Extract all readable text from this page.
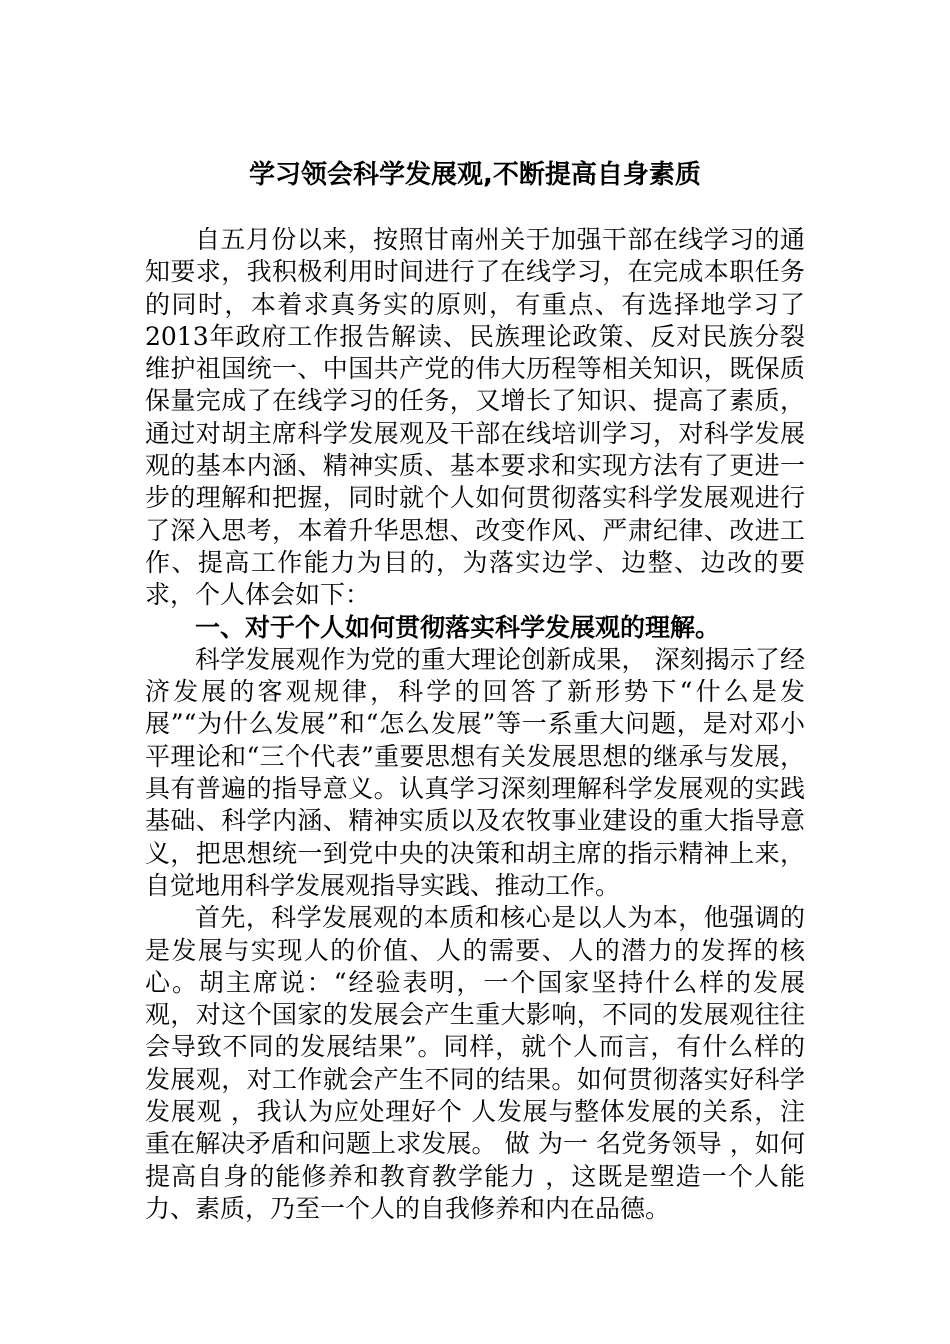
学习领会科学发展观,不断提高自身素质

自五月份以来，按照甘南州关于加强干部在线学习的通知要求，我积极利用时间进行了在线学习，在完成本职任务的同时，本着求真务实的原则，有重点、有选择地学习了2013年政府工作报告解读、民族理论政策、反对民族分裂维护祖国统一、中国共产党的伟大历程等相关知识，既保质保量完成了在线学习的任务，又增长了知识、提高了素质，通过对胡主席科学发展观及干部在线培训学习，对科学发展观的基本内涵、精神实质、基本要求和实现方法有了更进一步的理解和把握，同时就个人如何贯彻落实科学发展观进行了深入思考，本着升华思想、改变作风、严肃纪律、改进工作、提高工作能力为目的，为落实边学、边整、边改的要求，个人体会如下：

一、对于个人如何贯彻落实科学发展观的理解。

科学发展观作为党的重大理论创新成果， 深刻揭示了经济发展的客观规律，科学的回答了新形势下“什么是发展”“为什么发展”和“怎么发展”等一系重大问题，是对邓小平理论和“三个代表”重要思想有关发展思想的继承与发展，具有普遍的指导意义。认真学习深刻理解科学发展观的实践基础、科学内涵、精神实质以及农牧事业建设的重大指导意义，把思想统一到党中央的决策和胡主席的指示精神上来，自觉地用科学发展观指导实践、推动工作。

首先，科学发展观的本质和核心是以人为本，他强调的是发展与实现人的价值、人的需要、人的潜力的发挥的核心。胡主席说：“经验表明，一个国家坚持什么样的发展观，对这个国家的发展会产生重大影响，不同的发展观往往会导致不同的发展结果”。同样，就个人而言，有什么样的发展观，对工作就会产生不同的结果。如何贯彻落实好科学发展观 ，我认为应处理好个 人发展与整体发展的关系，注重在解决矛盾和问题上求发展。 做 为一 名党务领导 ，如何提高自身的能修养和教育教学能力 ，这既是塑造一个人能力、素质，乃至一个人的自我修养和内在品德。
